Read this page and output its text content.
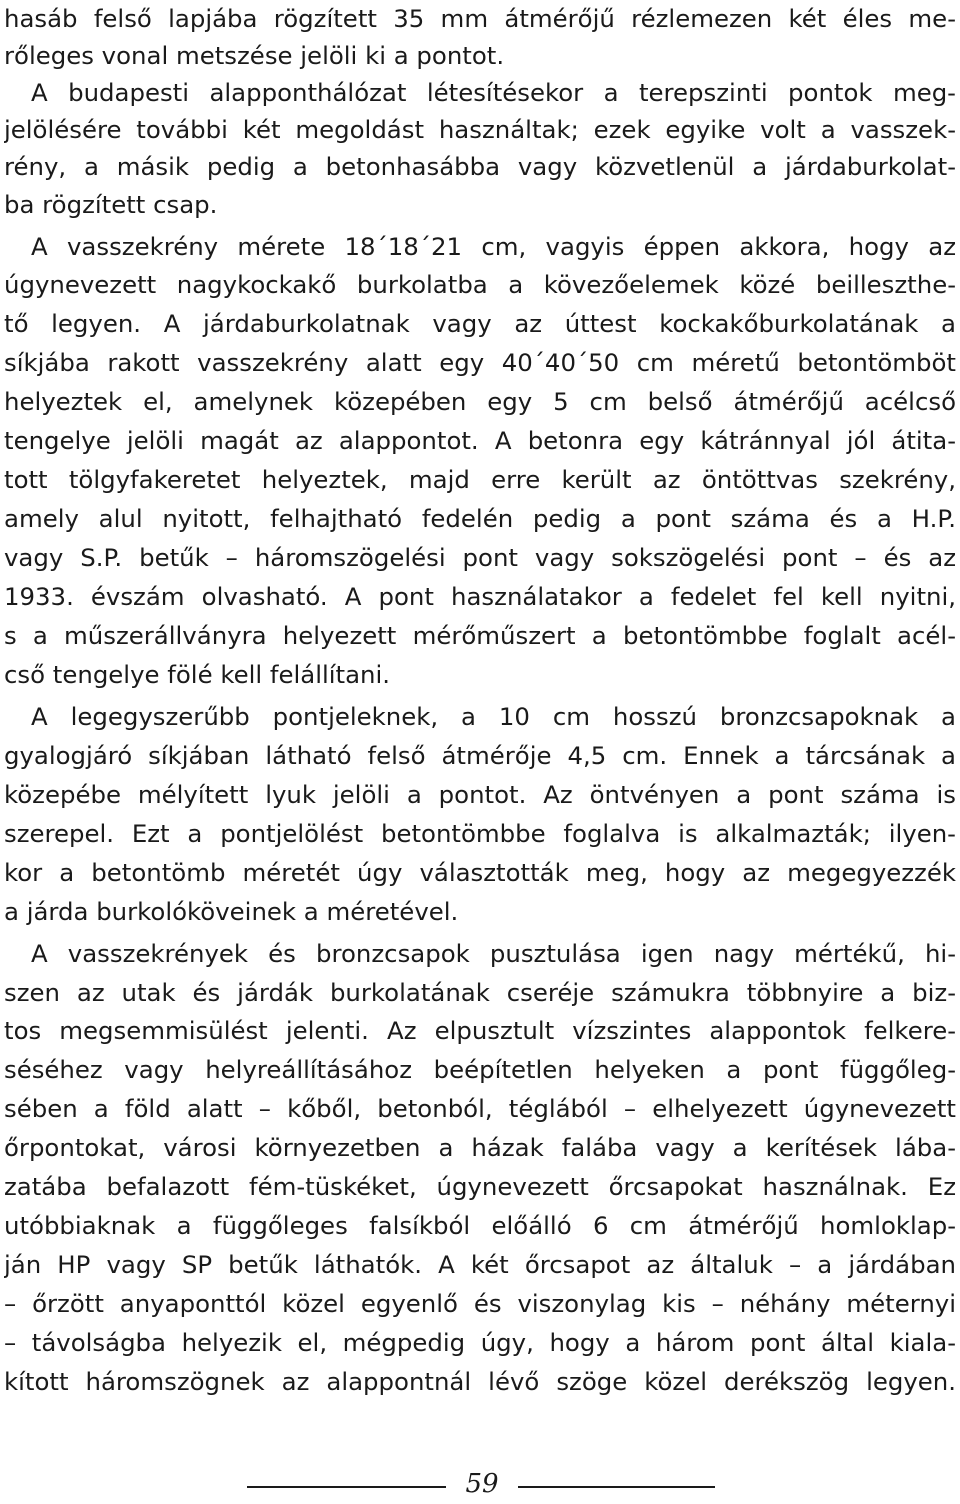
hasáb felső lapjába rögzített 35 mm átmérőjű rézlemezen két éles me-
rőleges vonal metszése jelöli ki a pontot.
A budapesti alapponthálózat létesítésekor a terepszinti pontok meg-
jelölésére további két megoldást használtak; ezek egyike volt a vasszek-
rény, a másik pedig a betonhasábba vagy közvetlenül a járdaburkolat-
ba rögzített csap.
A vasszekrény mérete 18´18´21 cm, vagyis éppen akkora, hogy az
úgynevezett nagykockakő burkolatba a kövezőelemek közé beilleszthe-
tő legyen. A járdaburkolatnak vagy az úttest kockakőburkolatának a
síkjába rakott vasszekrény alatt egy 40´40´50 cm méretű betontömböt
helyeztek el, amelynek közepében egy 5 cm belső átmérőjű acélcső
tengelye jelöli magát az alappontot. A betonra egy kátránnyal jól átita-
tott tölgyfakeretet helyeztek, majd erre került az öntöttvas szekrény,
amely alul nyitott, felhajtható fedelén pedig a pont száma és a H.P.
vagy S.P. betűk – háromszögelési pont vagy sokszögelési pont – és az
1933. évszám olvasható. A pont használatakor a fedelet fel kell nyitni,
s a műszerállványra helyezett mérőműszert a betontömbbe foglalt acél-
cső tengelye fölé kell felállítani.
A legegyszerűbb pontjeleknek, a 10 cm hosszú bronzcsapoknak a
gyalogjáró síkjában látható felső átmérője 4,5 cm. Ennek a tárcsának a
közepébe mélyített lyuk jelöli a pontot. Az öntvényen a pont száma is
szerepel. Ezt a pontjelölést betontömbbe foglalva is alkalmazták; ilyen-
kor a betontömb méretét úgy választották meg, hogy az megegyezzék
a járda burkolóköveinek a méretével.
A vasszekrények és bronzcsapok pusztulása igen nagy mértékű, hi-
szen az utak és járdák burkolatának cseréje számukra többnyire a biz-
tos megsemmisülést jelenti. Az elpusztult vízszintes alappontok felkere-
séséhez vagy helyreállításához beépítetlen helyeken a pont függőleg-
sében a föld alatt – kőből, betonból, téglából – elhelyezett úgynevezett
őrpontokat, városi környezetben a házak falába vagy a kerítések lába-
zatába befalazott fém-tüskéket, úgynevezett őrcsapokat használnak. Ez
utóbbiaknak a függőleges falsíkból előálló 6 cm átmérőjű homloklap-
ján HP vagy SP betűk láthatók. A két őrcsapot az általuk – a járdában
– őrzött anyaponttól közel egyenlő és viszonylag kis – néhány méternyi
– távolságba helyezik el, mégpedig úgy, hogy a három pont által kiala-
kított háromszögnek az alappontnál lévő szöge közel derékszög legyen.
59
